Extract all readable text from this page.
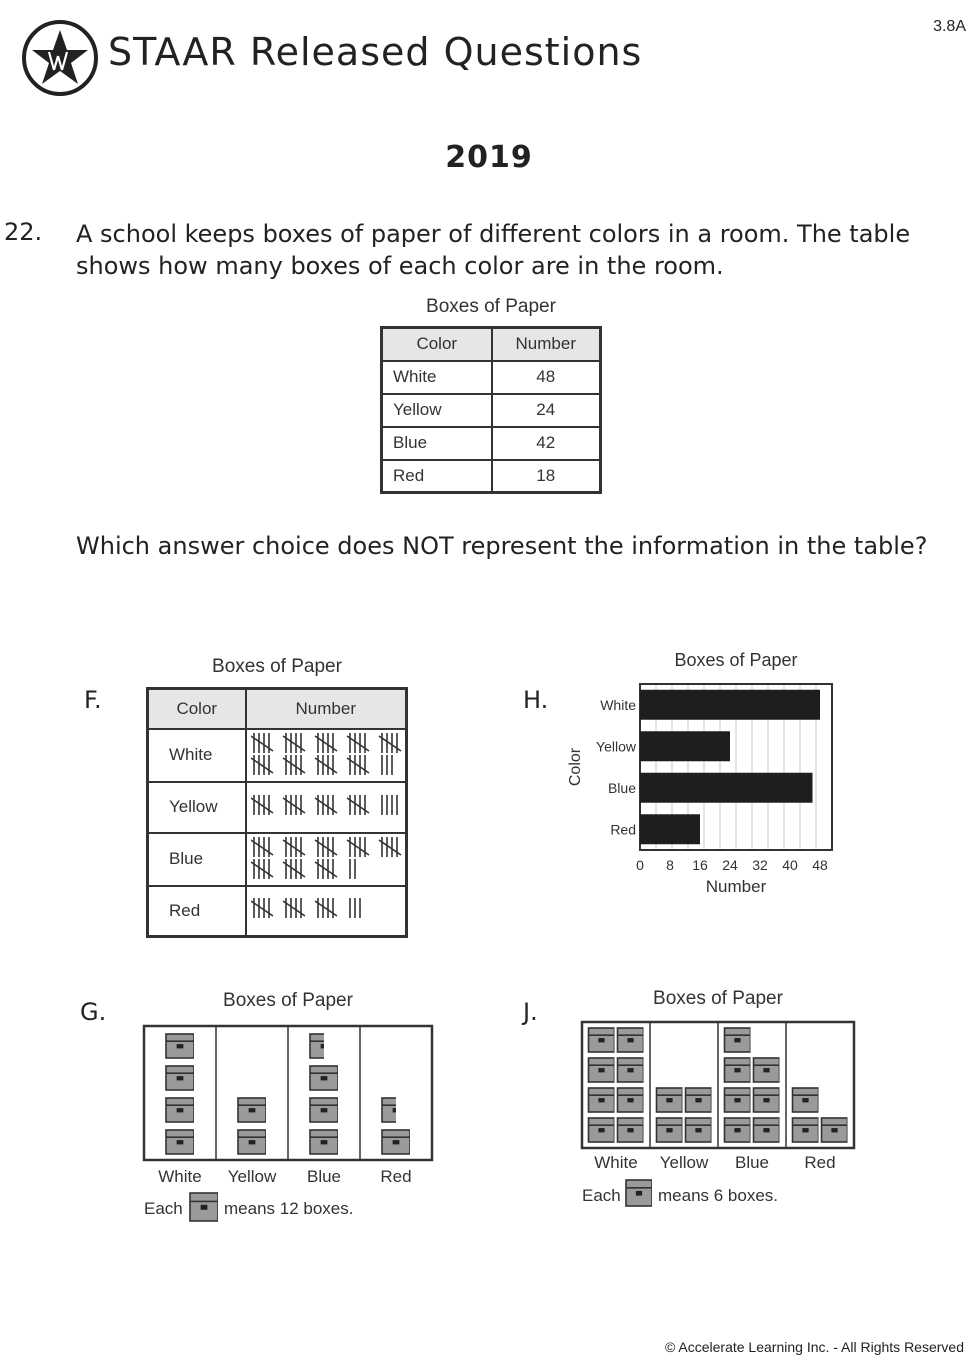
STAAR Released Questions
3.8A
2019
22. A school keeps boxes of paper of different colors in a room. The table shows how many boxes of each color are in the room.
Boxes of Paper
Color	Number
White	48
Yellow	24
Blue	42
Red	18
Which answer choice does NOT represent the information in the table?
F.
Boxes of Paper
Color	Number
White	
Yellow	
Blue	
Red	
H.
Boxes of Paper
White
Yellow
Blue
Red
0 8 16 24 32 40 48
Number
Color
G.	Boxes of Paper
White Yellow Blue Red
Each means 12 boxes.
J.	Boxes of Paper
White Yellow Blue Red
Each means 6 boxes.
© Accelerate Learning Inc. - All Rights Reserved
